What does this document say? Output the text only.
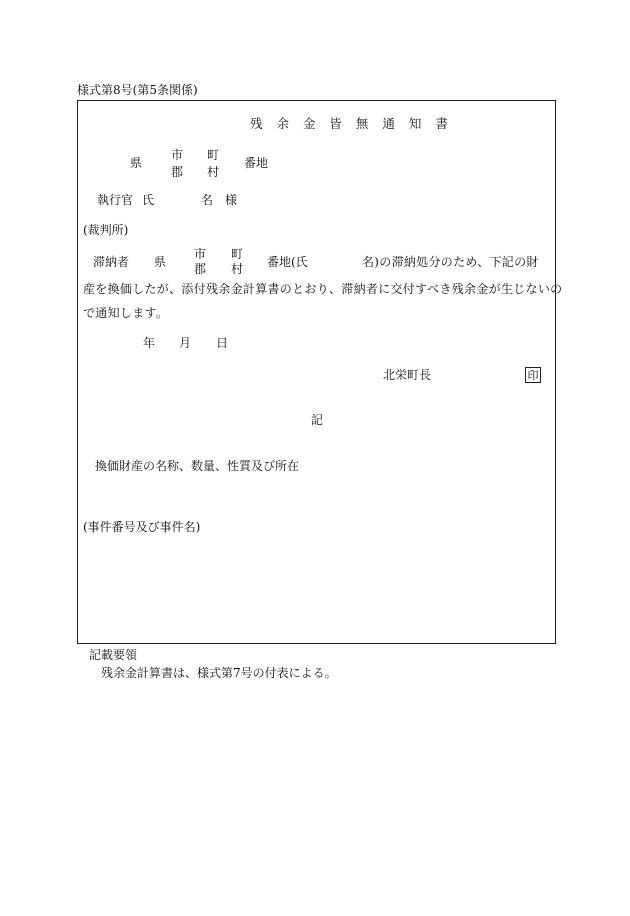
様式第8号(第5条関係)
残 余 金 皆 無 通 知 書
県
市
郡
町
村
番地
執行官 氏	名 様
(裁判所)
滞納者 県
市
郡
町
村 番地(氏	名)の滞納処分のため、下記の財
産を換価したが、添付残余金計算書のとおり、滞納者に交付すべき残余金が生じないの
で通知します。
年 月 日
北栄町長	印
記
換価財産の名称、数量、性質及び所在
(事件番号及び事件名)
記載要領
残余金計算書は、様式第7号の付表による。
